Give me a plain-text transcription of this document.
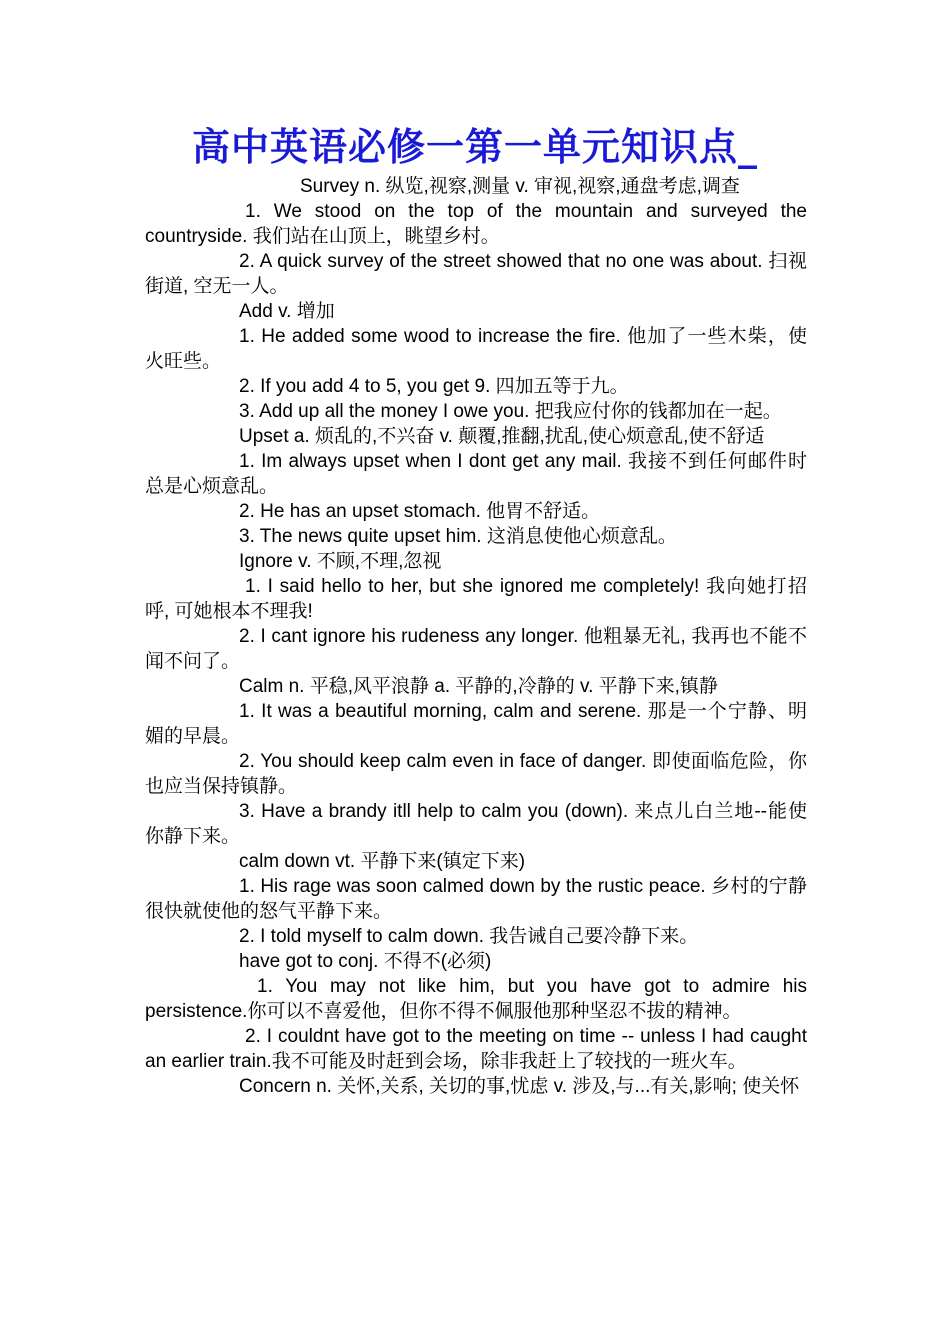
高中英语必修一第一单元知识点_

Survey n. 纵览,视察,测量 v. 审视,视察,通盘考虑,调查

1. We stood on the top of the mountain and surveyed the countryside. 我们站在山顶上，眺望乡村。

2. A quick survey of the street showed that no one was about. 扫视街道, 空无一人。

Add v. 增加

1. He added some wood to increase the fire. 他加了一些木柴，使火旺些。

2. If you add 4 to 5, you get 9. 四加五等于九。

3. Add up all the money I owe you. 把我应付你的钱都加在一起。

Upset a. 烦乱的,不兴奋 v. 颠覆,推翻,扰乱,使心烦意乱,使不舒适

1. Im always upset when I dont get any mail. 我接不到任何邮件时总是心烦意乱。

2. He has an upset stomach. 他胃不舒适。

3. The news quite upset him. 这消息使他心烦意乱。

Ignore v. 不顾,不理,忽视

1. I said hello to her, but she ignored me completely! 我向她打招呼, 可她根本不理我!

2. I cant ignore his rudeness any longer. 他粗暴无礼, 我再也不能不闻不问了。

Calm n. 平稳,风平浪静 a. 平静的,冷静的 v. 平静下来,镇静

1. It was a beautiful morning, calm and serene. 那是一个宁静、明媚的早晨。

2. You should keep calm even in face of danger. 即使面临危险，你也应当保持镇静。

3. Have a brandy itll help to calm you (down). 来点儿白兰地--能使你静下来。

calm down vt. 平静下来(镇定下来)

1. His rage was soon calmed down by the rustic peace. 乡村的宁静很快就使他的怒气平静下来。

2. I told myself to calm down. 我告诫自己要冷静下来。

have got to conj. 不得不(必须)

1. You may not like him, but you have got to admire his persistence.你可以不喜爱他，但你不得不佩服他那种坚忍不拔的精神。

2. I couldnt have got to the meeting on time -- unless I had caught an earlier train.我不可能及时赶到会场，除非我赶上了较找的一班火车。

Concern n. 关怀,关系, 关切的事,忧虑 v. 涉及,与...有关,影响; 使关怀
